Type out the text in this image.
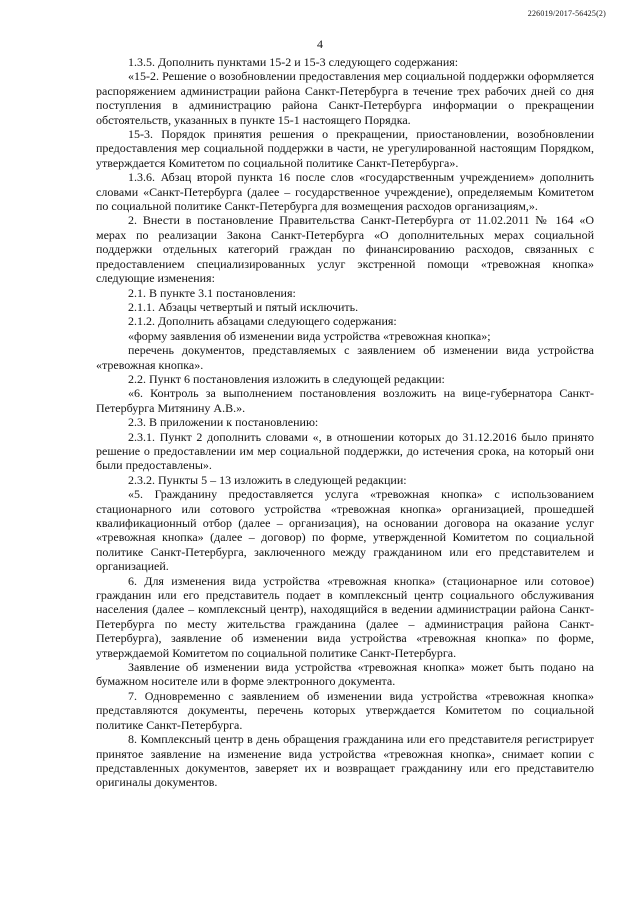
226019/2017-56425(2)
4

1.3.5. Дополнить пунктами 15-2 и 15-3 следующего содержания:

«15-2. Решение о возобновлении предоставления мер социальной поддержки оформляется распоряжением администрации района Санкт-Петербурга в течение трех рабочих дней со дня поступления в администрацию района Санкт-Петербурга информации о прекращении обстоятельств, указанных в пункте 15-1 настоящего Порядка.

15-3. Порядок принятия решения о прекращении, приостановлении, возобновлении предоставления мер социальной поддержки в части, не урегулированной настоящим Порядком, утверждается Комитетом по социальной политике Санкт-Петербурга».

1.3.6. Абзац второй пункта 16 после слов «государственным учреждением» дополнить словами «Санкт-Петербурга (далее – государственное учреждение), определяемым Комитетом по социальной политике Санкт-Петербурга для возмещения расходов организациям,».

2. Внести в постановление Правительства Санкт-Петербурга от 11.02.2011 № 164 «О мерах по реализации Закона Санкт-Петербурга «О дополнительных мерах социальной поддержки отдельных категорий граждан по финансированию расходов, связанных с предоставлением специализированных услуг экстренной помощи «тревожная кнопка» следующие изменения:

2.1. В пункте 3.1 постановления:

2.1.1. Абзацы четвертый и пятый исключить.

2.1.2. Дополнить абзацами следующего содержания:

«форму заявления об изменении вида устройства «тревожная кнопка»;

перечень документов, представляемых с заявлением об изменении вида устройства «тревожная кнопка».

2.2. Пункт 6 постановления изложить в следующей редакции:

«6. Контроль за выполнением постановления возложить на вице-губернатора Санкт-Петербурга Митянину А.В.».

2.3. В приложении к постановлению:

2.3.1. Пункт 2 дополнить словами «, в отношении которых до 31.12.2016 было принято решение о предоставлении им мер социальной поддержки, до истечения срока, на который они были предоставлены».

2.3.2. Пункты 5 – 13 изложить в следующей редакции:

«5. Гражданину предоставляется услуга «тревожная кнопка» с использованием стационарного или сотового устройства «тревожная кнопка» организацией, прошедшей квалификационный отбор (далее – организация), на основании договора на оказание услуг «тревожная кнопка» (далее – договор) по форме, утвержденной Комитетом по социальной политике Санкт-Петербурга, заключенного между гражданином или его представителем и организацией.

6. Для изменения вида устройства «тревожная кнопка» (стационарное или сотовое) гражданин или его представитель подает в комплексный центр социального обслуживания населения (далее – комплексный центр), находящийся в ведении администрации района Санкт-Петербурга по месту жительства гражданина (далее – администрация района Санкт-Петербурга), заявление об изменении вида устройства «тревожная кнопка» по форме, утверждаемой Комитетом по социальной политике Санкт-Петербурга.

Заявление об изменении вида устройства «тревожная кнопка» может быть подано на бумажном носителе или в форме электронного документа.

7. Одновременно с заявлением об изменении вида устройства «тревожная кнопка» представляются документы, перечень которых утверждается Комитетом по социальной политике Санкт-Петербурга.

8. Комплексный центр в день обращения гражданина или его представителя регистрирует принятое заявление на изменение вида устройства «тревожная кнопка», снимает копии с представленных документов, заверяет их и возвращает гражданину или его представителю оригиналы документов.
